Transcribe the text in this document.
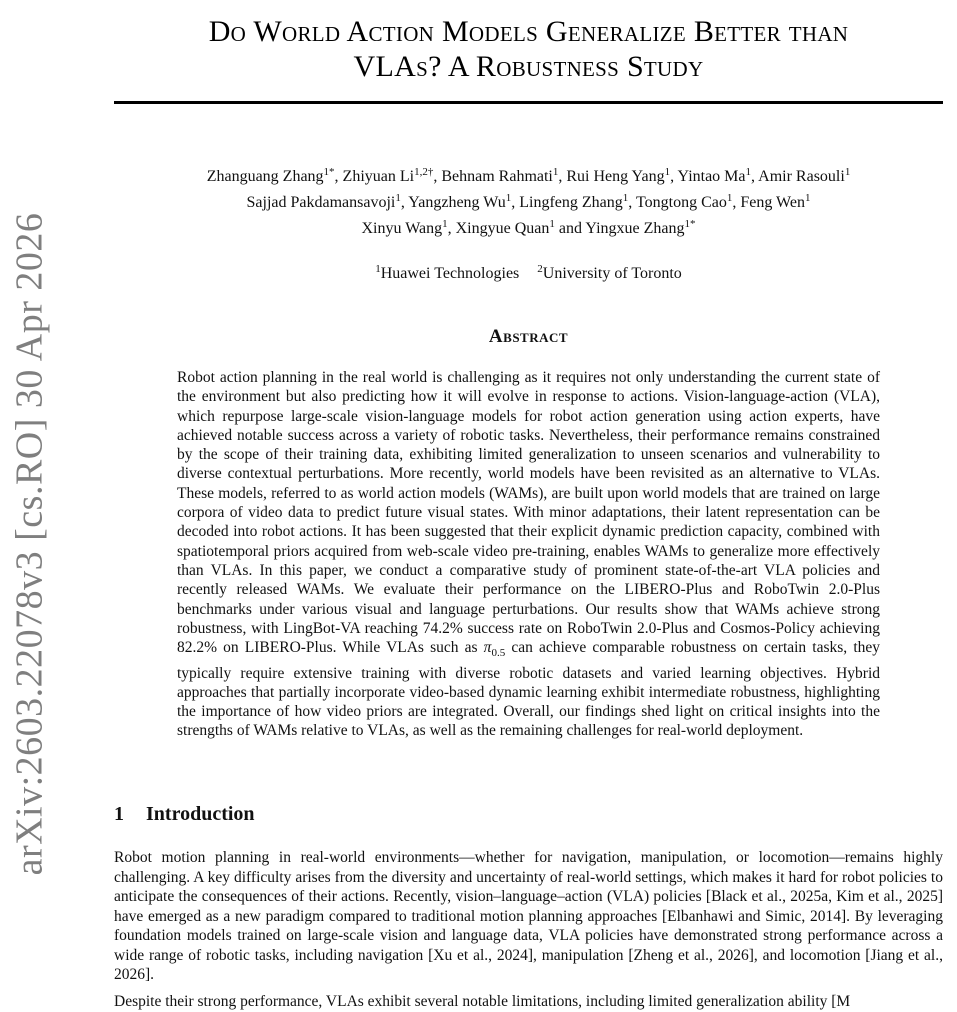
arXiv:2603.22078v3 [cs.RO] 30 Apr 2026
Do World Action Models Generalize Better than
VLAs? A Robustness Study
Zhanguang Zhang$^{1*}$, Zhiyuan $Li^{1,2\dagger}$, Behnam Rahmati$^1$, Rui Heng Yang$^1$, Yintao Ma$^1$, Amir Rasouli$^1$
Sajjad Pakdamansavoji$^1$, Yangzheng Wu$^1$, Lingfeng Zhang$^1$, Tongtong Cao$^1$, Feng Wen$^1$
Xinyu Wang$^1$, Xingyue Quan$^1$ and Yingxue Zhang$^{1*}$
$^1$Huawei Technologies $^2$University of Toronto
Abstract
Robot action planning in the real world is challenging as it requires not only understanding the current state of the environment but also predicting how it will evolve in response to actions. Vision-language-action (VLA), which repurpose large-scale vision-language models for robot action generation using action experts, have achieved notable success across a variety of robotic tasks. Nevertheless, their performance remains constrained by the scope of their training data, exhibiting limited generalization to unseen scenarios and vulnerability to diverse contextual perturbations. More recently, world models have been revisited as an alternative to VLAs. These models, referred to as world action models (WAMs), are built upon world models that are trained on large corpora of video data to predict future visual states. With minor adaptations, their latent representation can be decoded into robot actions. It has been suggested that their explicit dynamic prediction capacity, combined with spatiotemporal priors acquired from web-scale video pre-training, enables WAMs to generalize more effectively than VLAs. In this paper, we conduct a comparative study of prominent state-of-the-art VLA policies and recently released WAMs. We evaluate their performance on the LIBERO-Plus and RoboTwin 2.0-Plus benchmarks under various visual and language perturbations. Our results show that WAMs achieve strong robustness, with LingBot-VA reaching 74.2% success rate on RoboTwin 2.0-Plus and Cosmos-Policy achieving 82.2% on LIBERO-Plus. While VLAs such as $\pi_{0.5}$ can achieve comparable robustness on certain tasks, they typically require extensive training with diverse robotic datasets and varied learning objectives. Hybrid approaches that partially incorporate video-based dynamic learning exhibit intermediate robustness, highlighting the importance of how video priors are integrated. Overall, our findings shed light on critical insights into the strengths of WAMs relative to VLAs, as well as the remaining challenges for real-world deployment.
1 Introduction
Robot motion planning in real-world environments—whether for navigation, manipulation, or locomotion—remains highly challenging. A key difficulty arises from the diversity and uncertainty of real-world settings, which makes it hard for robot policies to anticipate the consequences of their actions. Recently, vision–language–action (VLA) policies [Black et al., 2025a, Kim et al., 2025] have emerged as a new paradigm compared to traditional motion planning approaches [Elbanhawi and Simic, 2014]. By leveraging foundation models trained on large-scale vision and language data, VLA policies have demonstrated strong performance across a wide range of robotic tasks, including navigation [Xu et al., 2024], manipulation [Zheng et al., 2026], and locomotion [Jiang et al., 2026].
Despite their strong performance, VLAs exhibit several notable limitations, including limited generalization ability [M
